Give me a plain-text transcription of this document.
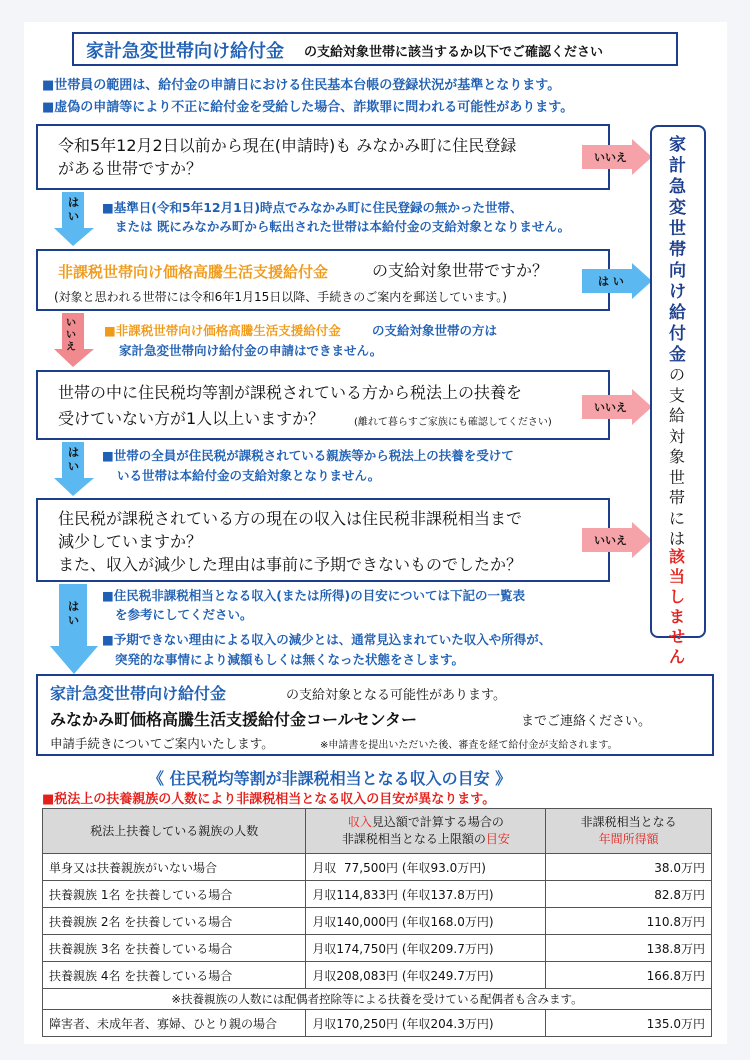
家計急変世帯向け給付金 の支給対象世帯に該当するか以下でご確認ください
■世帯員の範囲は、給付金の申請日における住民基本台帳の登録状況が基準となります。
■虚偽の申請等により不正に給付金を受給した場合、詐欺罪に問われる可能性があります。
令和5年12月2日以前から現在(申請時)も みなかみ町に住民登録
がある世帯ですか？
いいえ
は い
■基準日(令和5年12月1日)時点でみなかみ町に住民登録の無かった世帯、
または 既にみなかみ町から転出された世帯は本給付金の支給対象となりません。
非課税世帯向け価格高騰生活支援給付金	の支給対象世帯ですか？
(対象と思われる世帯には令和6年1月15日以降、手続きのご案内を郵送しています。)
は い
いいえ
■非課税世帯向け価格高騰生活支援給付金 の支給対象世帯の方は
家計急変世帯向け給付金の申請はできません。
世帯の中に住民税均等割が課税されている方から税法上の扶養を
受けていない方が1人以上いますか？	(離れて暮らすご家族にも確認してください)
いいえ
は い
■世帯の全員が住民税が課税されている親族等から税法上の扶養を受けて
いる世帯は本給付金の支給対象となりません。
住民税が課税されている方の現在の収入は住民税非課税相当まで
減少していますか？
また、収入が減少した理由は事前に予期できないものでしたか？
いいえ
は い
■住民税非課税相当となる収入(または所得)の目安については下記の一覧表
を参考にしてください。
■予期できない理由による収入の減少とは、通常見込まれていた収入や所得が、
突発的な事情により減額もしくは無くなった状態をさします。
家計急変世帯向け給付金
の支給対象世帯には
該当しません
家計急変世帯向け給付金	の支給対象となる可能性があります。
みなかみ町価格高騰生活支援給付金コールセンター	までご連絡ください。
申請手続きについてご案内いたします。	※申請書を提出いただいた後、審査を経て給付金が支給されます。
《 住民税均等割が非課税相当となる収入の目安 》
■税法上の扶養親族の人数により非課税相当となる収入の目安が異なります。
税法上扶養している親族の人数	収入見込額で計算する場合の
非課税相当となる上限額の目安	非課税相当となる
年間所得額
単身又は扶養親族がいない場合	月収  77,500円 (年収93.0万円)	38.0万円
扶養親族 1名 を扶養している場合	月収114,833円 (年収137.8万円)	82.8万円
扶養親族 2名 を扶養している場合	月収140,000円 (年収168.0万円)	110.8万円
扶養親族 3名 を扶養している場合	月収174,750円 (年収209.7万円)	138.8万円
扶養親族 4名 を扶養している場合	月収208,083円 (年収249.7万円)	166.8万円
※扶養親族の人数には配偶者控除等による扶養を受けている配偶者も含みます。		
障害者、未成年者、寡婦、ひとり親の場合	月収170,250円 (年収204.3万円)	135.0万円
